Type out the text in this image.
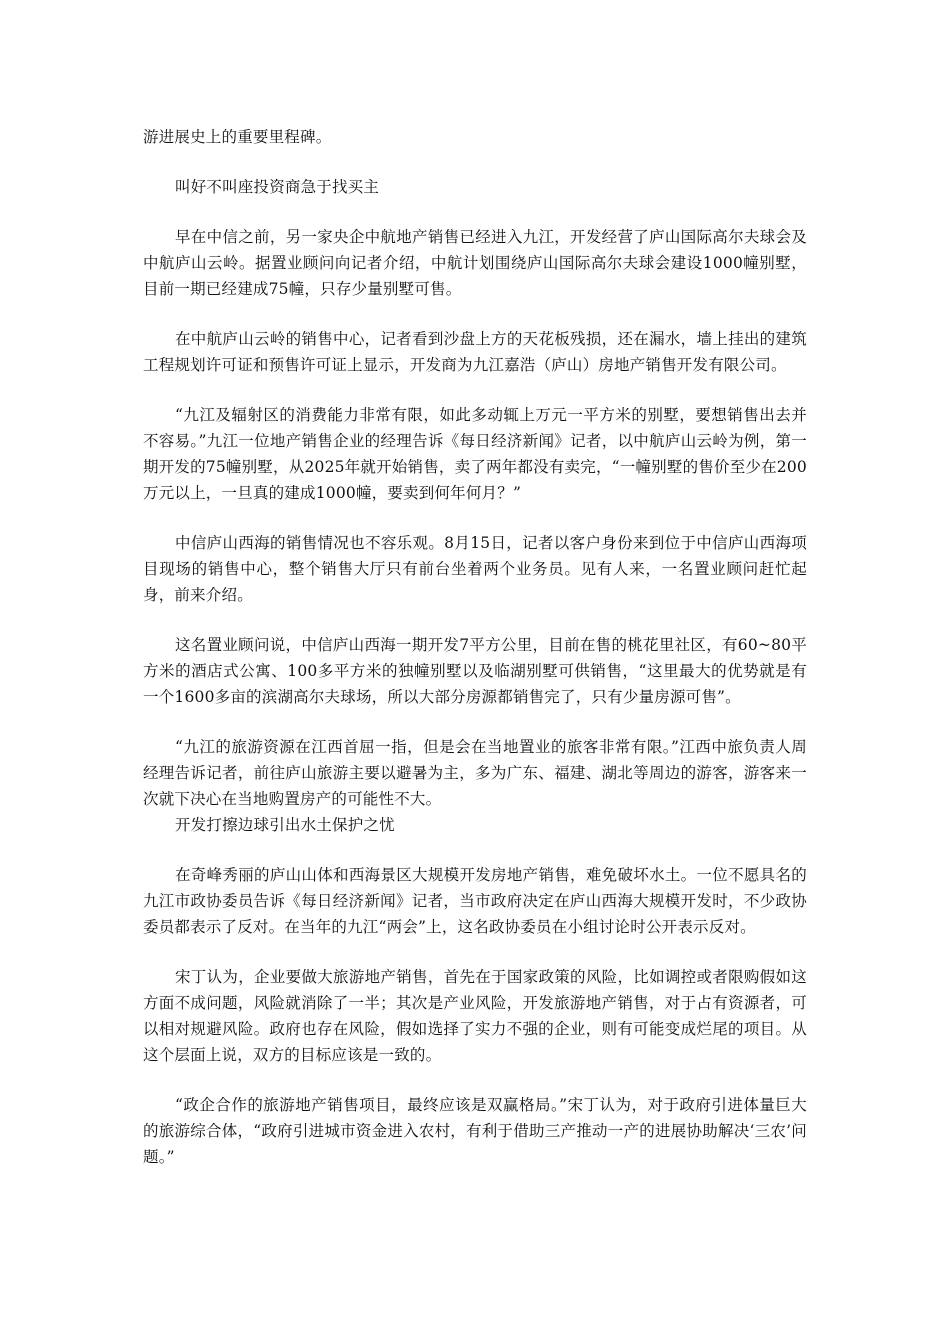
游进展史上的重要里程碑。

叫好不叫座投资商急于找买主

早在中信之前，另一家央企中航地产销售已经进入九江，开发经营了庐山国际高尔夫球会及中航庐山云岭。据置业顾问向记者介绍，中航计划围绕庐山国际高尔夫球会建设1000幢别墅，目前一期已经建成75幢，只存少量别墅可售。

在中航庐山云岭的销售中心，记者看到沙盘上方的天花板残损，还在漏水，墙上挂出的建筑工程规划许可证和预售许可证上显示，开发商为九江嘉浩（庐山）房地产销售开发有限公司。

“九江及辐射区的消费能力非常有限，如此多动辄上万元一平方米的别墅，要想销售出去并不容易。”九江一位地产销售企业的经理告诉《每日经济新闻》记者，以中航庐山云岭为例，第一期开发的75幢别墅，从2025年就开始销售，卖了两年都没有卖完，“一幢别墅的售价至少在200万元以上，一旦真的建成1000幢，要卖到何年何月？”

中信庐山西海的销售情况也不容乐观。8月15日，记者以客户身份来到位于中信庐山西海项目现场的销售中心，整个销售大厅只有前台坐着两个业务员。见有人来，一名置业顾问赶忙起身，前来介绍。

这名置业顾问说，中信庐山西海一期开发7平方公里，目前在售的桃花里社区，有60~80平方米的酒店式公寓、100多平方米的独幢别墅以及临湖别墅可供销售，“这里最大的优势就是有一个1600多亩的滨湖高尔夫球场，所以大部分房源都销售完了，只有少量房源可售”。

“九江的旅游资源在江西首屈一指，但是会在当地置业的旅客非常有限。”江西中旅负责人周经理告诉记者，前往庐山旅游主要以避暑为主，多为广东、福建、湖北等周边的游客，游客来一次就下决心在当地购置房产的可能性不大。

开发打擦边球引出水土保护之忧

在奇峰秀丽的庐山山体和西海景区大规模开发房地产销售，难免破坏水土。一位不愿具名的九江市政协委员告诉《每日经济新闻》记者，当市政府决定在庐山西海大规模开发时，不少政协委员都表示了反对。在当年的九江“两会”上，这名政协委员在小组讨论时公开表示反对。

宋丁认为，企业要做大旅游地产销售，首先在于国家政策的风险，比如调控或者限购假如这方面不成问题，风险就消除了一半；其次是产业风险，开发旅游地产销售，对于占有资源者，可以相对规避风险。政府也存在风险，假如选择了实力不强的企业，则有可能变成烂尾的项目。从这个层面上说，双方的目标应该是一致的。

“政企合作的旅游地产销售项目，最终应该是双赢格局。”宋丁认为，对于政府引进体量巨大的旅游综合体，“政府引进城市资金进入农村，有利于借助三产推动一产的进展协助解决‘三农’问题。”
